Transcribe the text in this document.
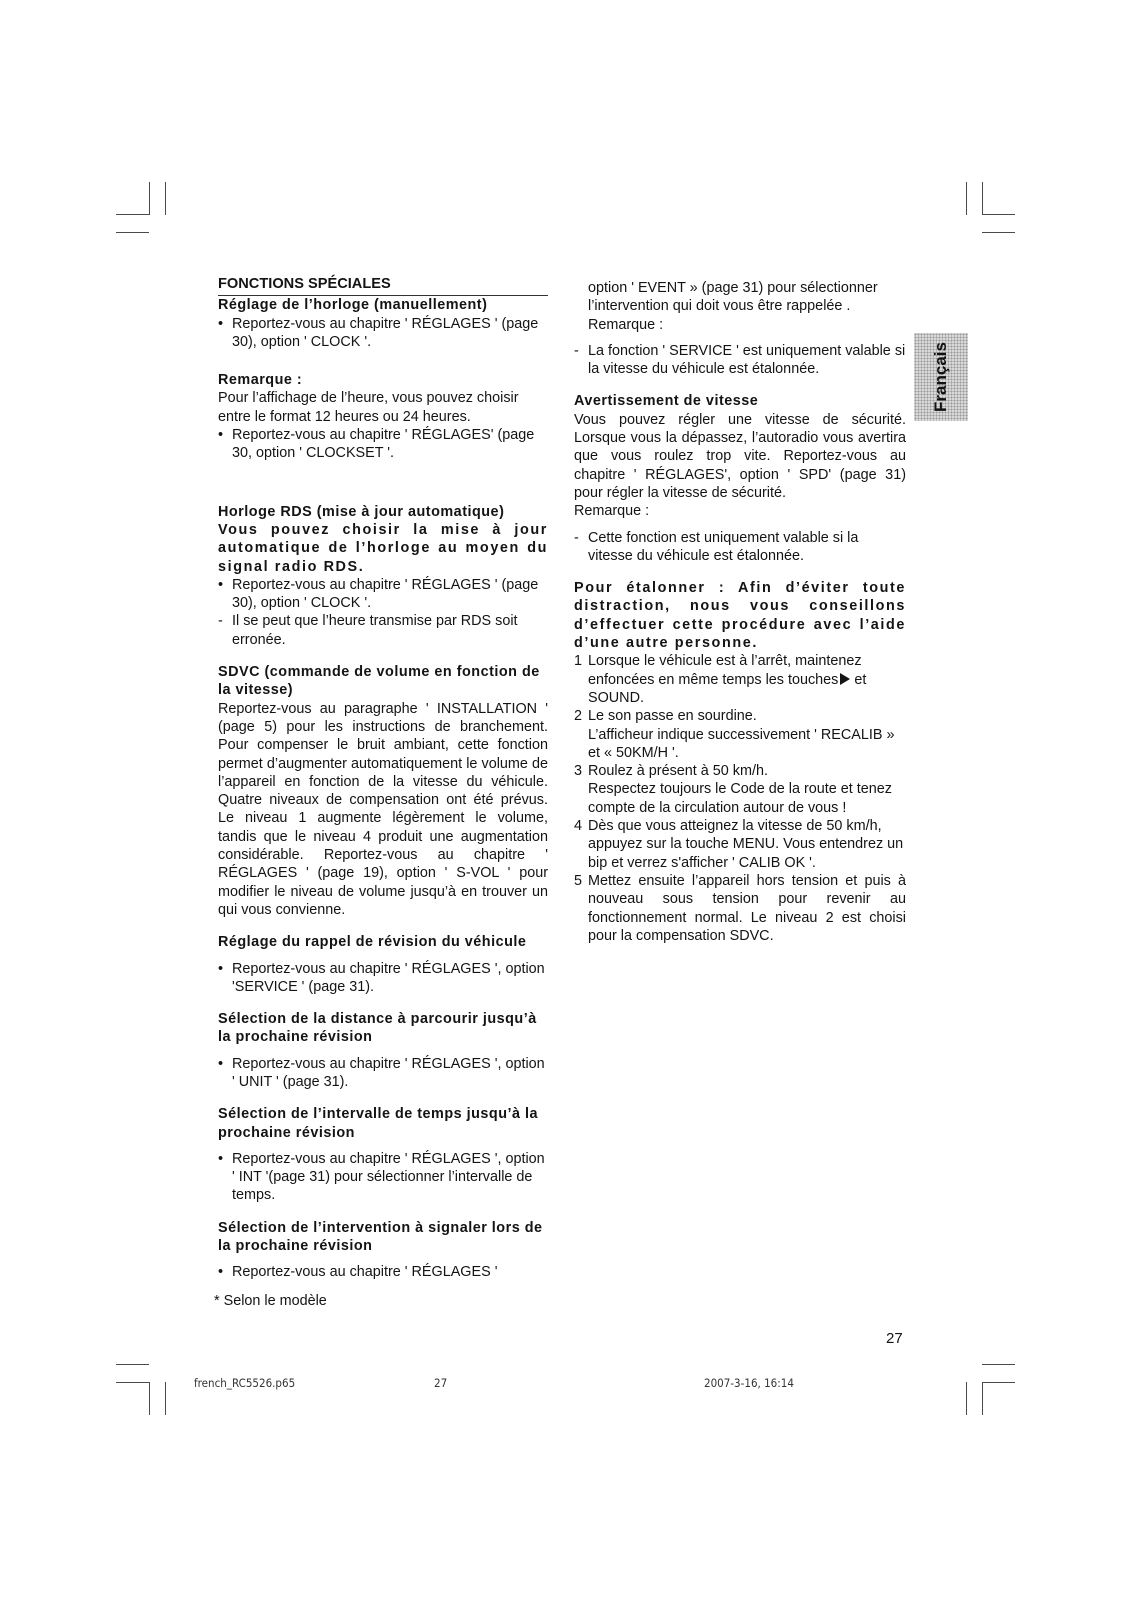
Français

FONCTIONS SPÉCIALES

Réglage de l’horloge (manuellement)

• Reportez-vous au chapitre ' RÉGLAGES ' (page 30), option ' CLOCK '.

Remarque :

Pour l’affichage de l’heure, vous pouvez choisir entre le format 12 heures ou 24 heures.

• Reportez-vous au chapitre ' RÉGLAGES' (page 30, option ' CLOCKSET '.

Horloge RDS (mise à jour automatique)

Vous pouvez choisir la mise à jour automatique de l’horloge au moyen du signal radio RDS.

• Reportez-vous au chapitre ' RÉGLAGES ' (page 30), option ' CLOCK '.

- Il se peut que l’heure transmise par RDS soit erronée.

SDVC (commande de volume en fonction de la vitesse)

Reportez-vous au paragraphe ' INSTALLATION ' (page 5) pour les instructions de branchement. Pour compenser le bruit ambiant, cette fonction permet d’augmenter automatiquement le volume de l’appareil en fonction de la vitesse du véhicule. Quatre niveaux de compensation ont été prévus. Le niveau 1 augmente légèrement le volume, tandis que le niveau 4 produit une augmentation considérable. Reportez-vous au chapitre ' RÉGLAGES ' (page 19), option ' S-VOL ' pour modifier le niveau de volume jusqu’à en trouver un qui vous convienne.

Réglage du rappel de révision du véhicule

• Reportez-vous au chapitre ' RÉGLAGES ', option 'SERVICE ' (page 31).

Sélection de la distance à parcourir jusqu’à la prochaine révision

• Reportez-vous au chapitre ' RÉGLAGES ', option ' UNIT ' (page 31).

Sélection de l’intervalle de temps jusqu’à la prochaine révision

• Reportez-vous au chapitre ' RÉGLAGES ', option ' INT '(page 31) pour sélectionner l’intervalle de temps.

Sélection de l’intervention à signaler lors de la prochaine révision

• Reportez-vous au chapitre ' RÉGLAGES '

* Selon le modèle

option ' EVENT » (page 31) pour sélectionner l’intervention qui doit vous être rappelée .

Remarque :

- La fonction ' SERVICE ' est uniquement valable si la vitesse du véhicule est étalonnée.

Avertissement de vitesse

Vous pouvez régler une vitesse de sécurité. Lorsque vous la dépassez, l’autoradio vous avertira que vous roulez trop vite. Reportez-vous au chapitre ' RÉGLAGES', option ' SPD' (page 31) pour régler la vitesse de sécurité.

Remarque :

- Cette fonction est uniquement valable si la vitesse du véhicule est étalonnée.

Pour étalonner : Afin d’éviter toute distraction, nous vous conseillons d’effectuer cette procédure avec l’aide d’une autre personne.

1 Lorsque le véhicule est à l’arrêt, maintenez enfoncées en même temps les touches et SOUND.

2 Le son passe en sourdine.
L’afficheur indique successivement ' RECALIB » et « 50KM/H '.

3 Roulez à présent à 50 km/h.
Respectez toujours le Code de la route et tenez compte de la circulation autour de vous !

4 Dès que vous atteignez la vitesse de 50 km/h, appuyez sur la touche MENU. Vous entendrez un bip et verrez s'afficher ' CALIB OK '.

5 Mettez ensuite l’appareil hors tension et puis à nouveau sous tension pour revenir au fonctionnement normal. Le niveau 2 est choisi pour la compensation SDVC.

27
french_RC5526.p65	27	2007-3-16, 16:14
